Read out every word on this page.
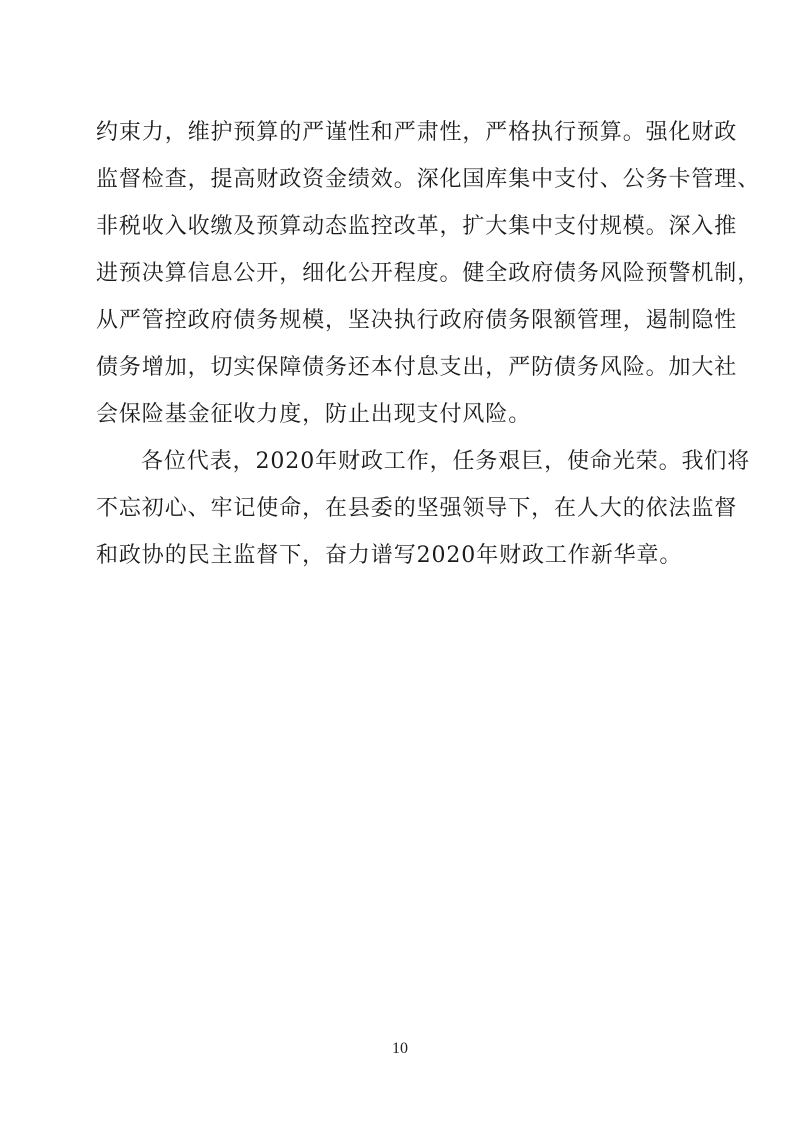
约束力，维护预算的严谨性和严肃性，严格执行预算。强化财政
监督检查，提高财政资金绩效。深化国库集中支付、公务卡管理、
非税收入收缴及预算动态监控改革，扩大集中支付规模。深入推
进预决算信息公开，细化公开程度。健全政府债务风险预警机制，
从严管控政府债务规模，坚决执行政府债务限额管理，遏制隐性
债务增加，切实保障债务还本付息支出，严防债务风险。加大社
会保险基金征收力度，防止出现支付风险。
各位代表，2020年财政工作，任务艰巨，使命光荣。我们将
不忘初心、牢记使命，在县委的坚强领导下，在人大的依法监督
和政协的民主监督下，奋力谱写2020年财政工作新华章。
10
